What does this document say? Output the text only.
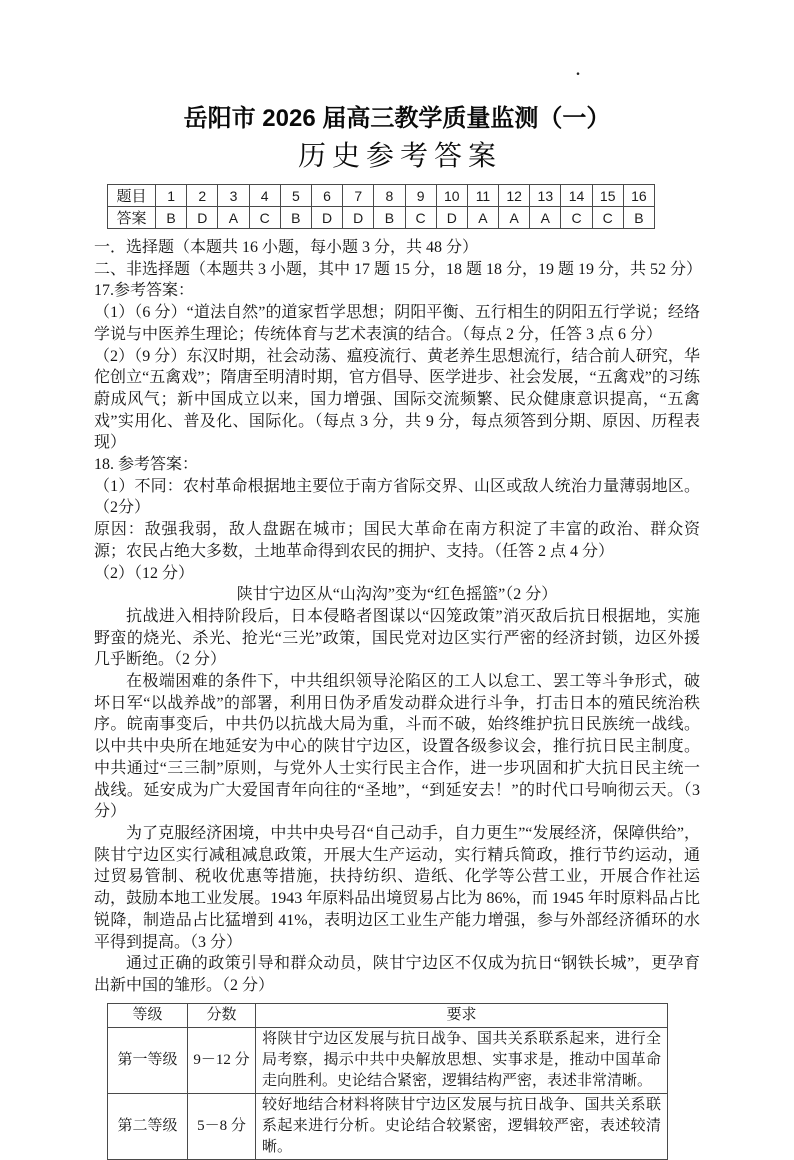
.
岳阳市 2026 届高三教学质量监测（一）
历史参考答案
题目	1	2	3	4	5	6	7	8	9	10	11	12	13	14	15	16
答案	B	D	A	C	B	D	D	B	C	D	A	A	A	C	C	B

一．选择题（本题共 16 小题，每小题 3 分，共 48 分）

二、非选择题（本题共 3 小题，其中 17 题 15 分，18 题 18 分，19 题 19 分，共 52 分）

17.参考答案：

（1）（6 分）“道法自然”的道家哲学思想；阴阳平衡、五行相生的阴阳五行学说；经络学说与中医养生理论；传统体育与艺术表演的结合。（每点 2 分，任答 3 点 6 分）

（2）（9 分）东汉时期，社会动荡、瘟疫流行、黄老养生思想流行，结合前人研究，华佗创立“五禽戏”；隋唐至明清时期，官方倡导、医学进步、社会发展，“五禽戏”的习练蔚成风气；新中国成立以来，国力增强、国际交流频繁、民众健康意识提高，“五禽戏”实用化、普及化、国际化。（每点 3 分，共 9 分，每点须答到分期、原因、历程表现）

18. 参考答案：

（1）不同：农村革命根据地主要位于南方省际交界、山区或敌人统治力量薄弱地区。（2分）

原因：敌强我弱，敌人盘踞在城市；国民大革命在南方积淀了丰富的政治、群众资源；农民占绝大多数，土地革命得到农民的拥护、支持。（任答 2 点 4 分）

（2）（12 分）

陕甘宁边区从“山沟沟”变为“红色摇篮”（2 分）

抗战进入相持阶段后，日本侵略者图谋以“囚笼政策”消灭敌后抗日根据地，实施野蛮的烧光、杀光、抢光“三光”政策，国民党对边区实行严密的经济封锁，边区外援几乎断绝。（2 分）

在极端困难的条件下，中共组织领导沦陷区的工人以怠工、罢工等斗争形式，破坏日军“以战养战”的部署，利用日伪矛盾发动群众进行斗争，打击日本的殖民统治秩序。皖南事变后，中共仍以抗战大局为重，斗而不破，始终维护抗日民族统一战线。以中共中央所在地延安为中心的陕甘宁边区，设置各级参议会，推行抗日民主制度。中共通过“三三制”原则，与党外人士实行民主合作，进一步巩固和扩大抗日民主统一战线。延安成为广大爱国青年向往的“圣地”，“到延安去！”的时代口号响彻云天。（3 分）

为了克服经济困境，中共中央号召“自己动手，自力更生”“发展经济，保障供给”，陕甘宁边区实行减租减息政策，开展大生产运动，实行精兵简政，推行节约运动，通过贸易管制、税收优惠等措施，扶持纺织、造纸、化学等公营工业，开展合作社运动，鼓励本地工业发展。1943 年原料品出境贸易占比为 86%，而 1945 年时原料品占比锐降，制造品占比猛增到 41%，表明边区工业生产能力增强，参与外部经济循环的水平得到提高。（3 分）

通过正确的政策引导和群众动员，陕甘宁边区不仅成为抗日“钢铁长城”，更孕育出新中国的雏形。（2 分）

等级	分数	要求
第一等级	9－12 分	将陕甘宁边区发展与抗日战争、国共关系联系起来，进行全局考察，揭示中共中央解放思想、实事求是，推动中国革命走向胜利。史论结合紧密，逻辑结构严密，表述非常清晰。
第二等级	5－8 分	较好地结合材料将陕甘宁边区发展与抗日战争、国共关系联系起来进行分析。史论结合较紧密，逻辑较严密，表述较清晰。
